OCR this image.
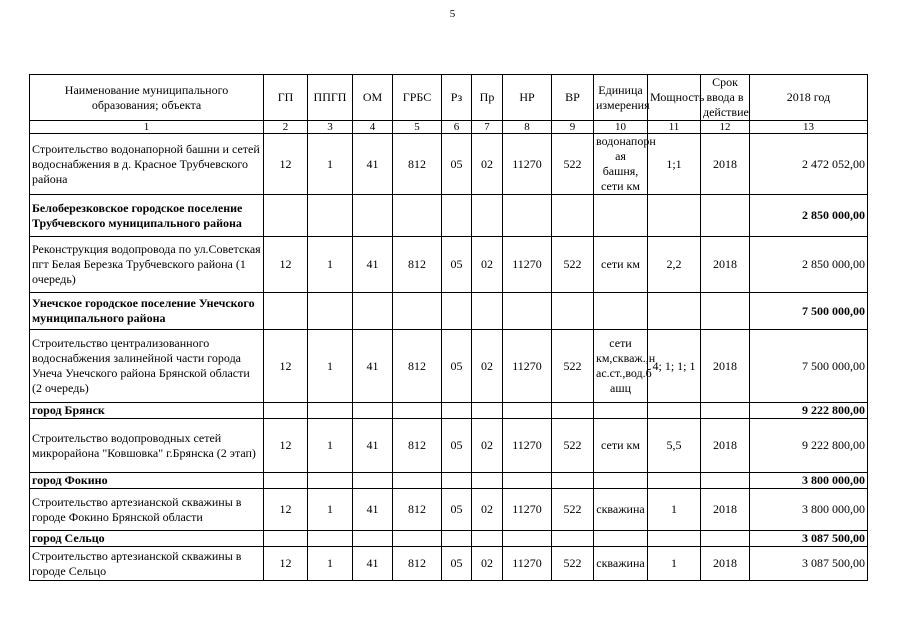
5
Наименование муниципального образования; объекта	ГП	ППГП	ОМ	ГРБС	Рз	Пр	НР	ВР	Единица измерения	Мощность	Срок ввода в действие	2018 год
1	2	3	4	5	6	7	8	9	10	11	12	13
Строительство водонапорной башни и сетей водоснабжения в д. Красное Трубчевского района	12	1	41	812	05	02	11270	522	водонапорн ая башня, сети км	1;1	2018	2 472 052,00
Белоберезковское городское поселение Трубчевского муниципального района												2 850 000,00
Реконструкция водопровода по ул.Советская пгт Белая Березка Трубчевского района (1 очередь)	12	1	41	812	05	02	11270	522	сети км	2,2	2018	2 850 000,00
Унечское городское поселение Унечского муниципального района												7 500 000,00
Строительство централизованного водоснабжения залинейной части города Унеча Унечского района Брянской области (2 очередь)	12	1	41	812	05	02	11270	522	сети км,скваж.,н ас.ст.,вод.б ашц	4; 1; 1; 1	2018	7 500 000,00
город Брянск												9 222 800,00
Строительство водопроводных сетей микрорайона "Ковшовка" г.Брянска (2 этап)	12	1	41	812	05	02	11270	522	сети км	5,5	2018	9 222 800,00
город Фокино												3 800 000,00
Строительство артезианской скважины в городе Фокино Брянской области	12	1	41	812	05	02	11270	522	скважина	1	2018	3 800 000,00
город Сельцо												3 087 500,00
Строительство артезианской скважины в городе Сельцо	12	1	41	812	05	02	11270	522	скважина	1	2018	3 087 500,00
